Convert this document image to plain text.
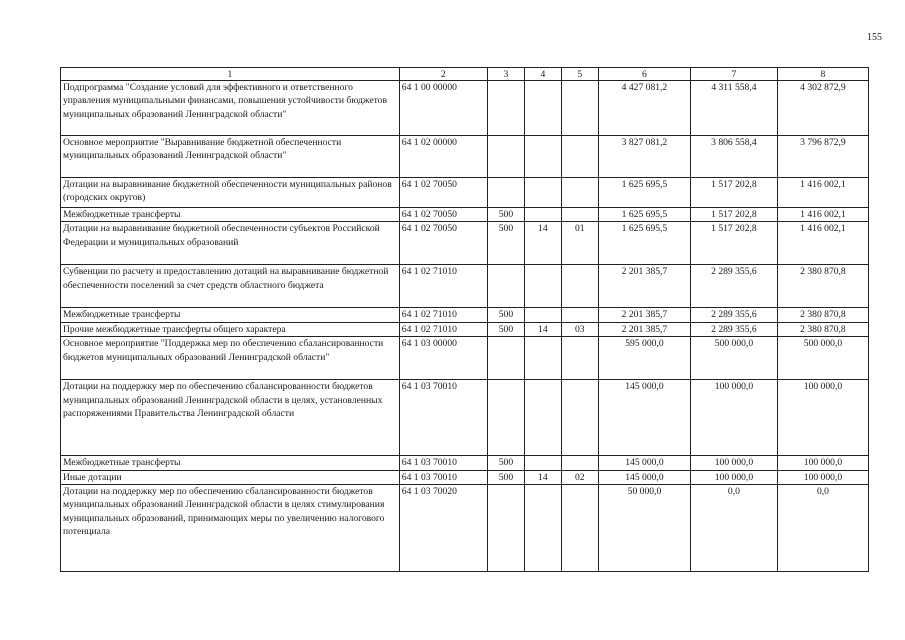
155
1	2	3	4	5	6	7	8
Подпрограмма "Создание условий для эффективного и ответственного управления муниципальными финансами, повышения устойчивости бюджетов муниципальных образований Ленинградской области"	64 1 00 00000				4 427 081,2	4 311 558,4	4 302 872,9
Основное мероприятие "Выравнивание бюджетной обеспеченности муниципальных образований Ленинградской области"	64 1 02 00000				3 827 081,2	3 806 558,4	3 796 872,9
Дотации на выравнивание бюджетной обеспеченности муниципальных районов (городских округов)	64 1 02 70050				1 625 695,5	1 517 202,8	1 416 002,1
Межбюджетные трансферты	64 1 02 70050	500			1 625 695,5	1 517 202,8	1 416 002,1
Дотации на выравнивание бюджетной обеспеченности субъектов Российской Федерации и муниципальных образований	64 1 02 70050	500	14	01	1 625 695,5	1 517 202,8	1 416 002,1
Субвенции по расчету и предоставлению дотаций на выравнивание бюджетной обеспеченности поселений за счет средств областного бюджета	64 1 02 71010				2 201 385,7	2 289 355,6	2 380 870,8
Межбюджетные трансферты	64 1 02 71010	500			2 201 385,7	2 289 355,6	2 380 870,8
Прочие межбюджетные трансферты общего характера	64 1 02 71010	500	14	03	2 201 385,7	2 289 355,6	2 380 870,8
Основное мероприятие "Поддержка мер по обеспечению сбалансированности бюджетов муниципальных образований Ленинградской области"	64 1 03 00000				595 000,0	500 000,0	500 000,0
Дотации на поддержку мер по обеспечению сбалансированности бюджетов муниципальных образований Ленинградской области в целях, установленных распоряжениями Правительства Ленинградской области	64 1 03 70010				145 000,0	100 000,0	100 000,0
Межбюджетные трансферты	64 1 03 70010	500			145 000,0	100 000,0	100 000,0
Иные дотации	64 1 03 70010	500	14	02	145 000,0	100 000,0	100 000,0
Дотации на поддержку мер по обеспечению сбалансированности бюджетов муниципальных образований Ленинградской области в целях стимулирования муниципальных образований, принимающих меры по увеличению налогового потенциала	64 1 03 70020				50 000,0	0,0	0,0
